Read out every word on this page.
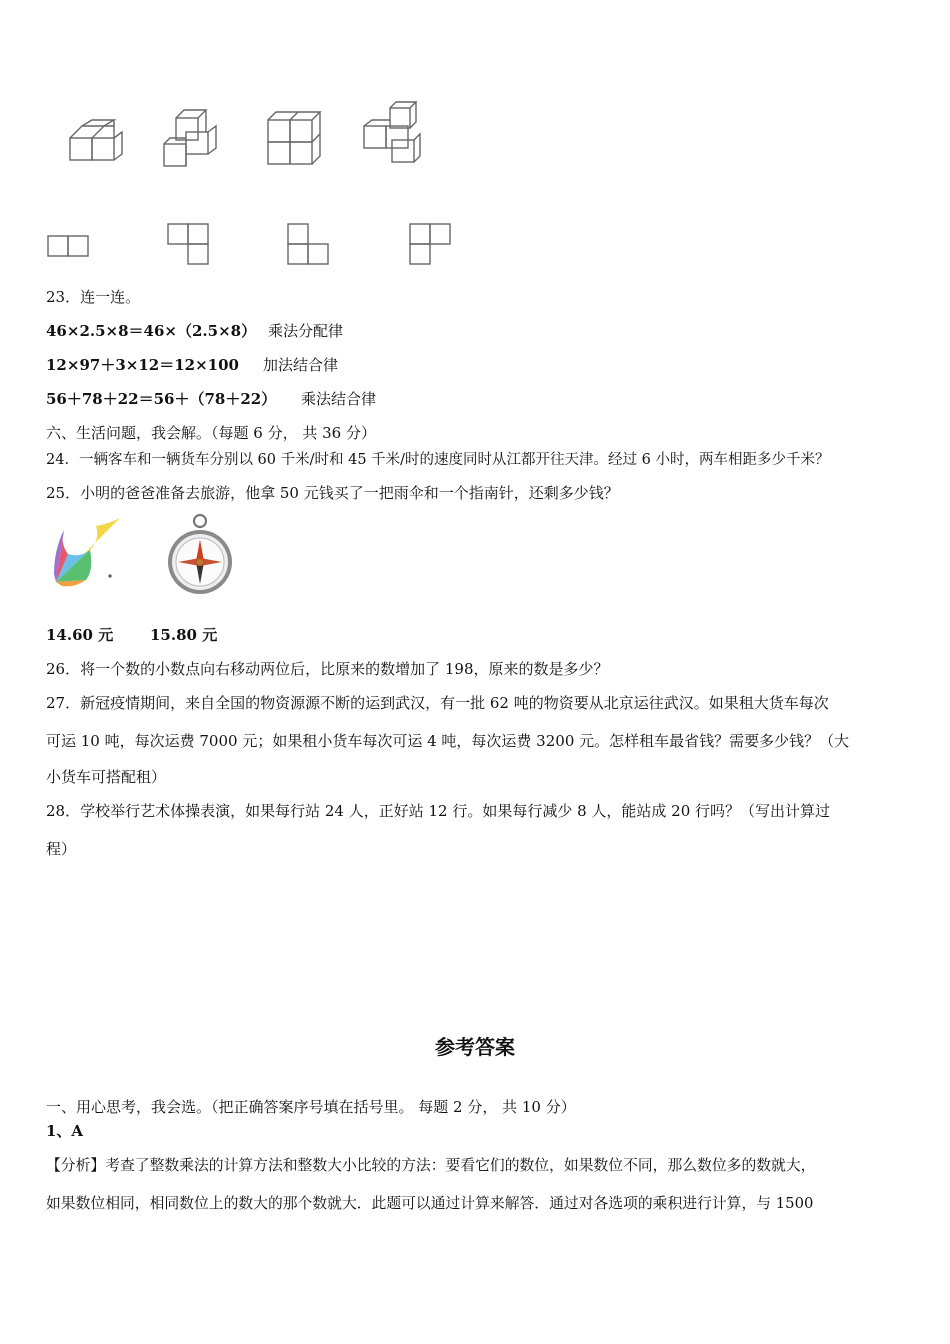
23．连一连。
46×2.5×8＝46×（2.5×8） 乘法分配律
12×97＋3×12＝12×100 加法结合律
56＋78＋22＝56＋（78＋22） 乘法结合律
六、生活问题，我会解。（每题 6 分， 共 36 分）
24．一辆客车和一辆货车分别以 60 千米/时和 45 千米/时的速度同时从江都开往天津。经过 6 小时，两车相距多少千米？
25．小明的爸爸准备去旅游，他拿 50 元钱买了一把雨伞和一个指南针，还剩多少钱？
14.60 元 15.80 元
26．将一个数的小数点向右移动两位后，比原来的数增加了 198，原来的数是多少？
27．新冠疫情期间，来自全国的物资源源不断的运到武汉，有一批 62 吨的物资要从北京运往武汉。如果租大货车每次
可运 10 吨，每次运费 7000 元；如果租小货车每次可运 4 吨，每次运费 3200 元。怎样租车最省钱？需要多少钱？（大
小货车可搭配租）
28．学校举行艺术体操表演，如果每行站 24 人，正好站 12 行。如果每行减少 8 人，能站成 20 行吗？（写出计算过
程）
参考答案
一、用心思考，我会选。（把正确答案序号填在括号里。 每题 2 分， 共 10 分）
1、A
【分析】考查了整数乘法的计算方法和整数大小比较的方法：要看它们的数位，如果数位不同，那么数位多的数就大，
如果数位相同，相同数位上的数大的那个数就大．此题可以通过计算来解答．通过对各选项的乘积进行计算，与 1500
